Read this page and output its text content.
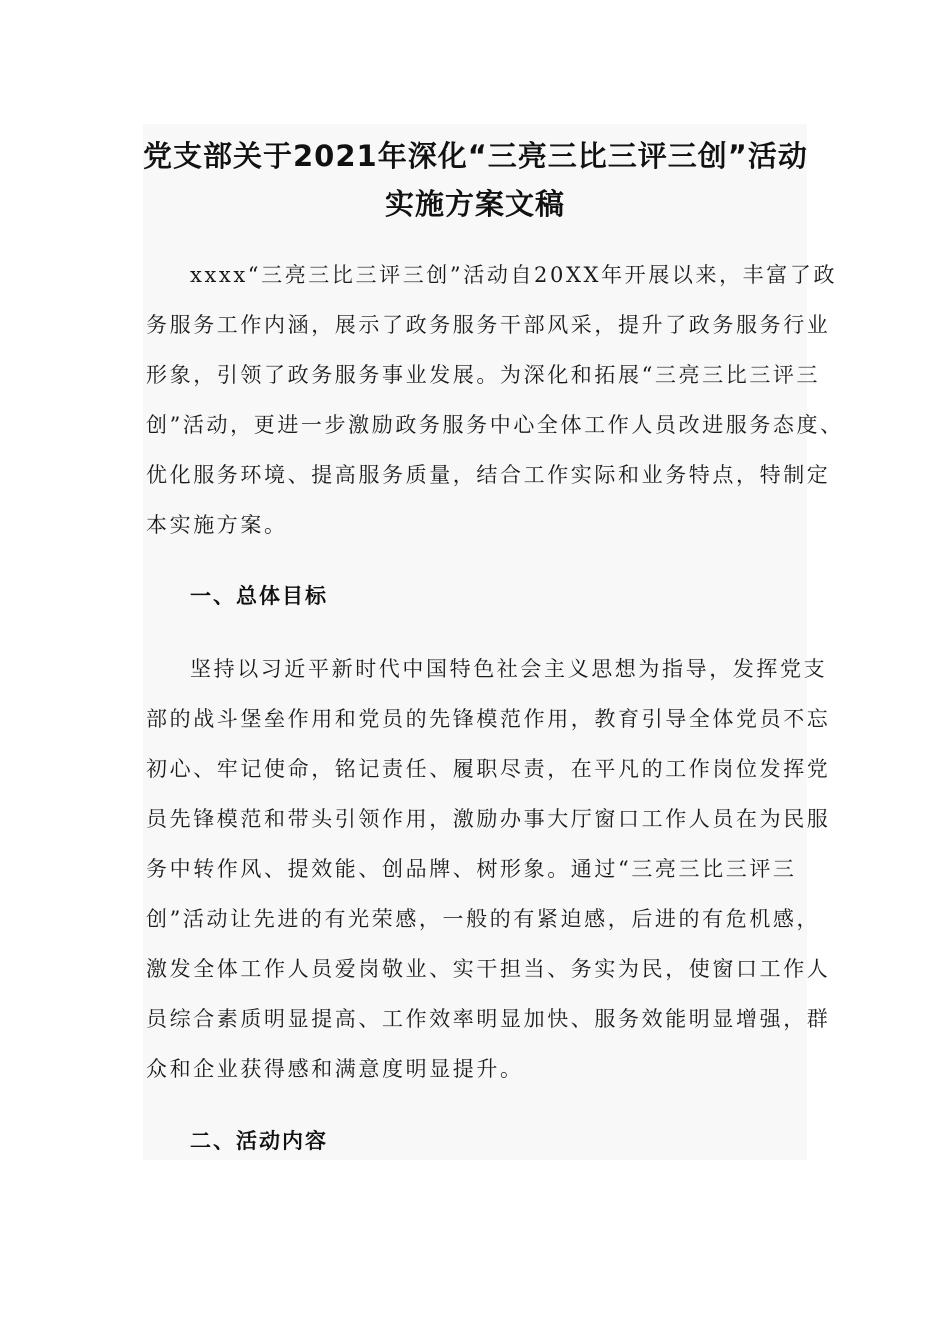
党支部关于2021年深化“三亮三比三评三创”活动
实施方案文稿
xxxx“三亮三比三评三创”活动自20XX年开展以来，丰富了政
务服务工作内涵，展示了政务服务干部风采，提升了政务服务行业
形象，引领了政务服务事业发展。为深化和拓展“三亮三比三评三
创”活动，更进一步激励政务服务中心全体工作人员改进服务态度、
优化服务环境、提高服务质量，结合工作实际和业务特点，特制定
本实施方案。
一、总体目标
坚持以习近平新时代中国特色社会主义思想为指导，发挥党支
部的战斗堡垒作用和党员的先锋模范作用，教育引导全体党员不忘
初心、牢记使命，铭记责任、履职尽责，在平凡的工作岗位发挥党
员先锋模范和带头引领作用，激励办事大厅窗口工作人员在为民服
务中转作风、提效能、创品牌、树形象。通过“三亮三比三评三
创”活动让先进的有光荣感，一般的有紧迫感，后进的有危机感，
激发全体工作人员爱岗敬业、实干担当、务实为民，使窗口工作人
员综合素质明显提高、工作效率明显加快、服务效能明显增强，群
众和企业获得感和满意度明显提升。
二、活动内容
